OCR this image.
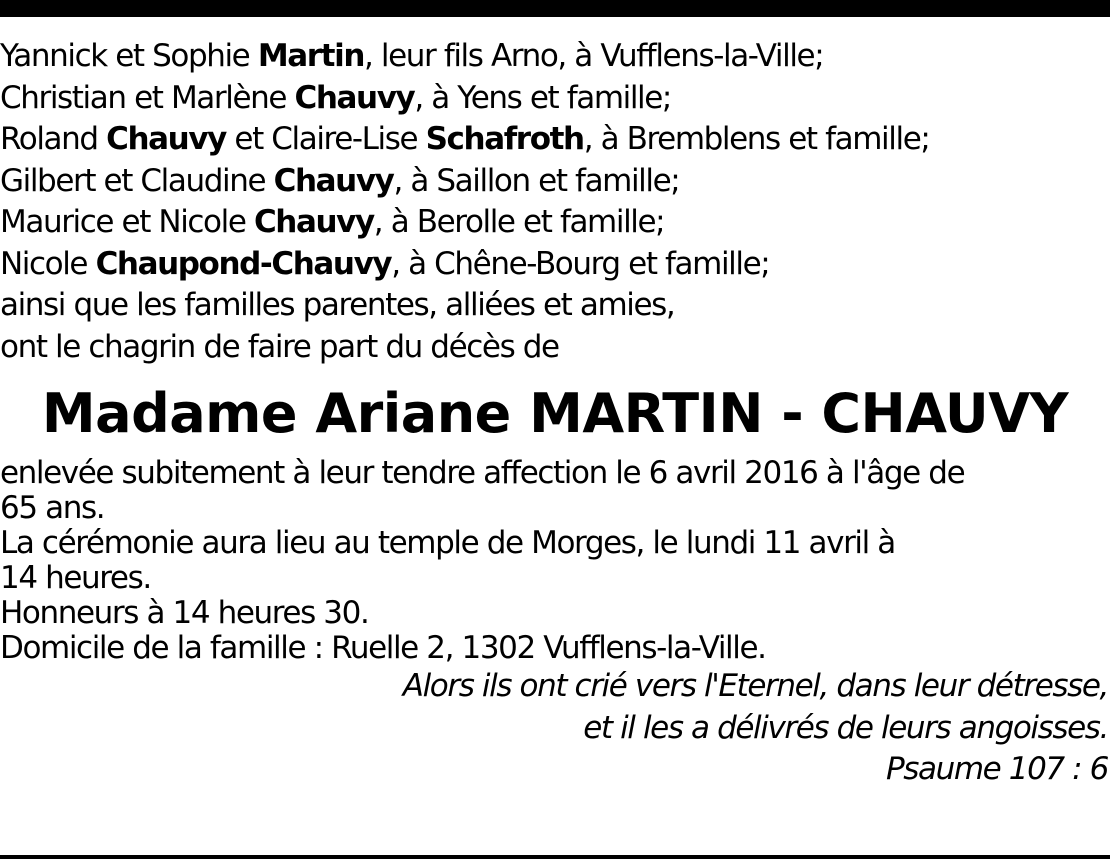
Yannick et Sophie Martin, leur fils Arno, à Vufflens-la-Ville;
Christian et Marlène Chauvy, à Yens et famille;
Roland Chauvy et Claire-Lise Schafroth, à Bremblens et famille;
Gilbert et Claudine Chauvy, à Saillon et famille;
Maurice et Nicole Chauvy, à Berolle et famille;
Nicole Chaupond-Chauvy, à Chêne-Bourg et famille;
ainsi que les familles parentes, alliées et amies,
ont le chagrin de faire part du décès de
Madame Ariane MARTIN - CHAUVY
enlevée subitement à leur tendre affection le 6 avril 2016 à l'âge de
65 ans.
La cérémonie aura lieu au temple de Morges, le lundi 11 avril à
14 heures.
Honneurs à 14 heures 30.
Domicile de la famille : Ruelle 2, 1302 Vufflens-la-Ville.
Alors ils ont crié vers l'Eternel, dans leur détresse,
et il les a délivrés de leurs angoisses.
Psaume 107 : 6
